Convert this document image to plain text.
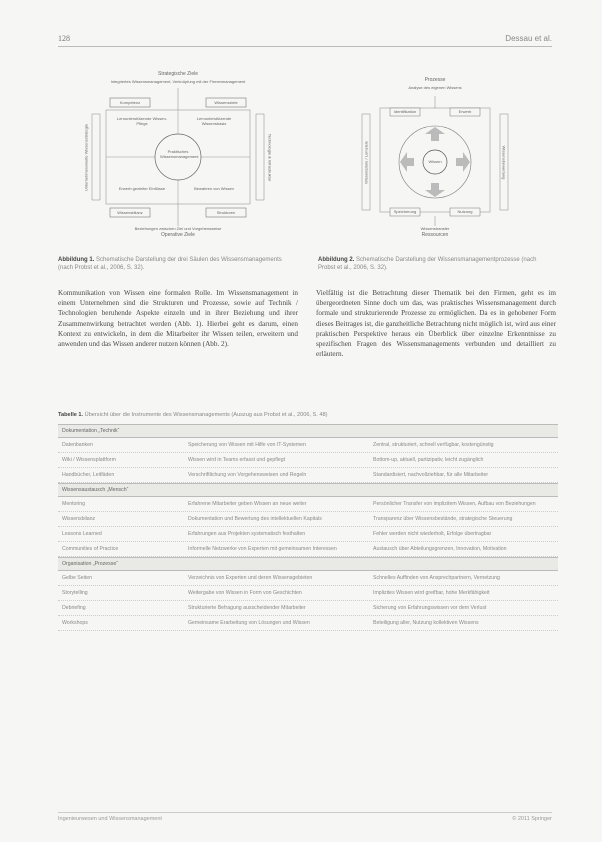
128	Dessau et al.
Strategische Ziele
Integriertes Wissensmanagement, Verknüpfung mit der Firmenmanagement
Kompetenz	Wissensziele
Lernunterstützende Wissen-Pflege
Lernunterstützende Wissensbasis
Praktisches Wissensmanagement
Erwerb gezielter Einflüsse	Bewahren von Wissen
Wissensbilanz	Strukturen
Unternehmensweite Wissensstrategie	Technologie & Infrastruktur
Beziehungen zwischen Ziel und Vorgehensweise
Operative Ziele
Prozesse
Analyse des eigenen Wissens
Identifikation	Erwerb
Wissen
Speicherung	Nutzung
Wissensziele / Lernziele	Wissensbewertung
Wissenstransfer
Ressourcen
Abbildung 1. Schematische Darstellung der drei Säulen des Wissensmanagements (nach Probst et al., 2006, S. 32).
Abbildung 2. Schematische Darstellung der Wissensmanagementprozesse (nach Probst et al., 2006, S. 32).
Kommunikation von Wissen eine formalen Rolle. Im Wissensmanagement in einem Unternehmen sind die Strukturen und Prozesse, sowie auf Technik / Technologien beruhende Aspekte einzeln und in ihrer Beziehung und ihrer Zusammenwirkung betrachtet werden (Abb. 1). Hierbei geht es darum, einen Kontext zu entwickeln, in dem die Mitarbeiter ihr Wissen teilen, erweitern und anwenden und das Wissen anderer nutzen können (Abb. 2).
Vielfältig ist die Betrachtung dieser Thematik bei den Firmen, geht es im übergeordneten Sinne doch um das, was praktisches Wissensmanagement durch formale und strukturierende Prozesse zu ermöglichen. Da es in gehobener Form dieses Beitrages ist, die ganzheitliche Betrachtung nicht möglich ist, wird aus einer praktischen Perspektive heraus ein Überblick über einzelne Erkenntnisse zu spezifischen Fragen des Wissensmanagements verbunden und detailliert zu erläutern.
Tabelle 1. Übersicht über die Instrumente des Wissensmanagements (Auszug aus Probst et al., 2006, S. 48)
Dokumentation „Technik“
Datenbanken	Speicherung von Wissen mit Hilfe von IT-Systemen	Zentral, strukturiert, schnell verfügbar, kostengünstig
Wiki / Wissensplattform	Wissen wird in Teams erfasst und gepflegt	Bottom-up, aktuell, partizipativ, leicht zugänglich
Handbücher, Leitfäden	Verschriftlichung von Vorgehensweisen und Regeln	Standardisiert, nachvollziehbar, für alle Mitarbeiter
Wissensaustausch „Mensch“
Mentoring	Erfahrene Mitarbeiter geben Wissen an neue weiter	Persönlicher Transfer von implizitem Wissen, Aufbau von Beziehungen
Wissensbilanz	Dokumentation und Bewertung des intellektuellen Kapitals	Transparenz über Wissensbestände, strategische Steuerung
Lessons Learned	Erfahrungen aus Projekten systematisch festhalten	Fehler werden nicht wiederholt, Erfolge übertragbar
Communities of Practice	Informelle Netzwerke von Experten mit gemeinsamen Interessen	Austausch über Abteilungsgrenzen, Innovation, Motivation
Organisation „Prozesse“
Gelbe Seiten	Verzeichnis von Experten und deren Wissensgebieten	Schnelles Auffinden von Ansprechpartnern, Vernetzung
Storytelling	Weitergabe von Wissen in Form von Geschichten	Implizites Wissen wird greifbar, hohe Merkfähigkeit
Debriefing	Strukturierte Befragung ausscheidender Mitarbeiter	Sicherung von Erfahrungswissen vor dem Verlust
Workshops	Gemeinsame Erarbeitung von Lösungen und Wissen	Beteiligung aller, Nutzung kollektiven Wissens
Ingenieurwesen und Wissensmanagement	© 2011 Springer
